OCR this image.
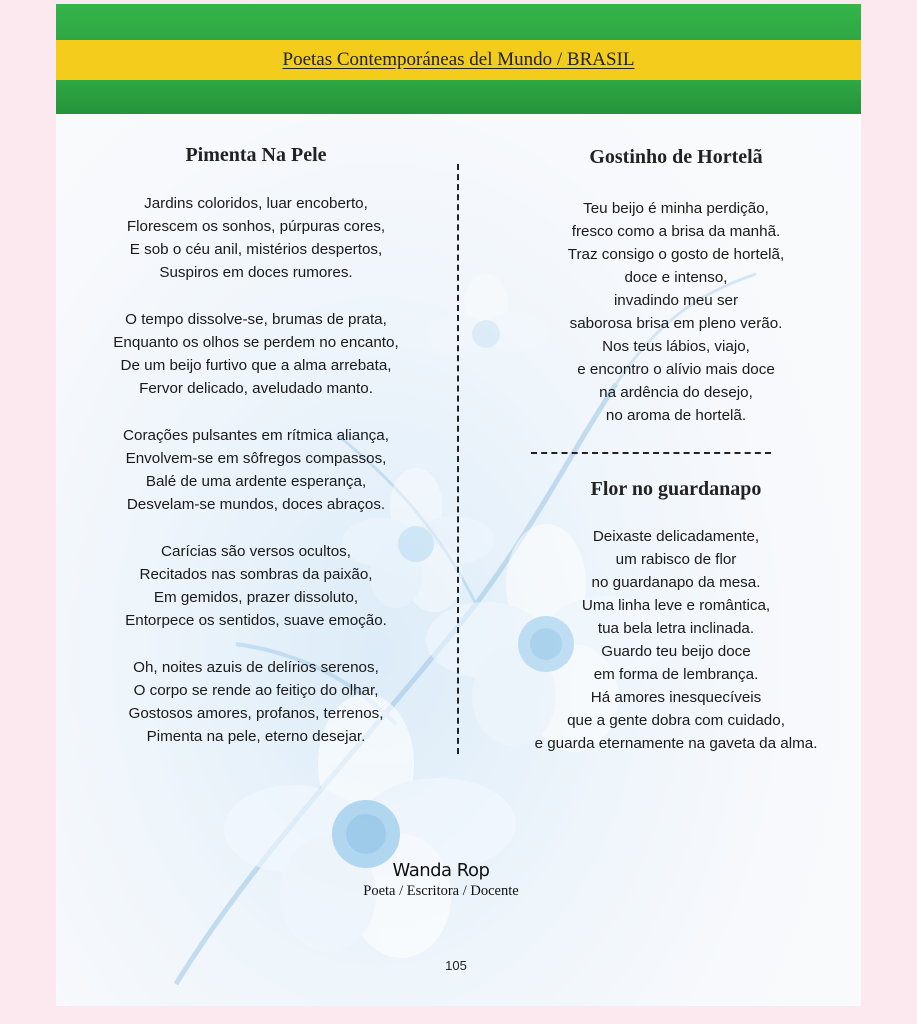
Poetas Contemporáneas del Mundo / BRASIL
Pimenta Na Pele

Jardins coloridos, luar encoberto,
Florescem os sonhos, púrpuras cores,
E sob o céu anil, mistérios despertos,
Suspiros em doces rumores.

O tempo dissolve-se, brumas de prata,
Enquanto os olhos se perdem no encanto,
De um beijo furtivo que a alma arrebata,
Fervor delicado, aveludado manto.

Corações pulsantes em rítmica aliança,
Envolvem-se em sôfregos compassos,
Balé de uma ardente esperança,
Desvelam-se mundos, doces abraços.

Carícias são versos ocultos,
Recitados nas sombras da paixão,
Em gemidos, prazer dissoluto,
Entorpece os sentidos, suave emoção.

Oh, noites azuis de delírios serenos,
O corpo se rende ao feitiço do olhar,
Gostosos amores, profanos, terrenos,
Pimenta na pele, eterno desejar.

Gostinho de Hortelã

Teu beijo é minha perdição,
fresco como a brisa da manhã.
Traz consigo o gosto de hortelã,
doce e intenso,
invadindo meu ser
saborosa brisa em pleno verão.
Nos teus lábios, viajo,
e encontro o alívio mais doce
na ardência do desejo,
no aroma de hortelã.

Flor no guardanapo

Deixaste delicadamente,
um rabisco de flor
no guardanapo da mesa.
Uma linha leve e romântica,
tua bela letra inclinada.
Guardo teu beijo doce
em forma de lembrança.
Há amores inesquecíveis
que a gente dobra com cuidado,
e guarda eternamente na gaveta da alma.

Wanda Rop
Poeta / Escritora / Docente
105
